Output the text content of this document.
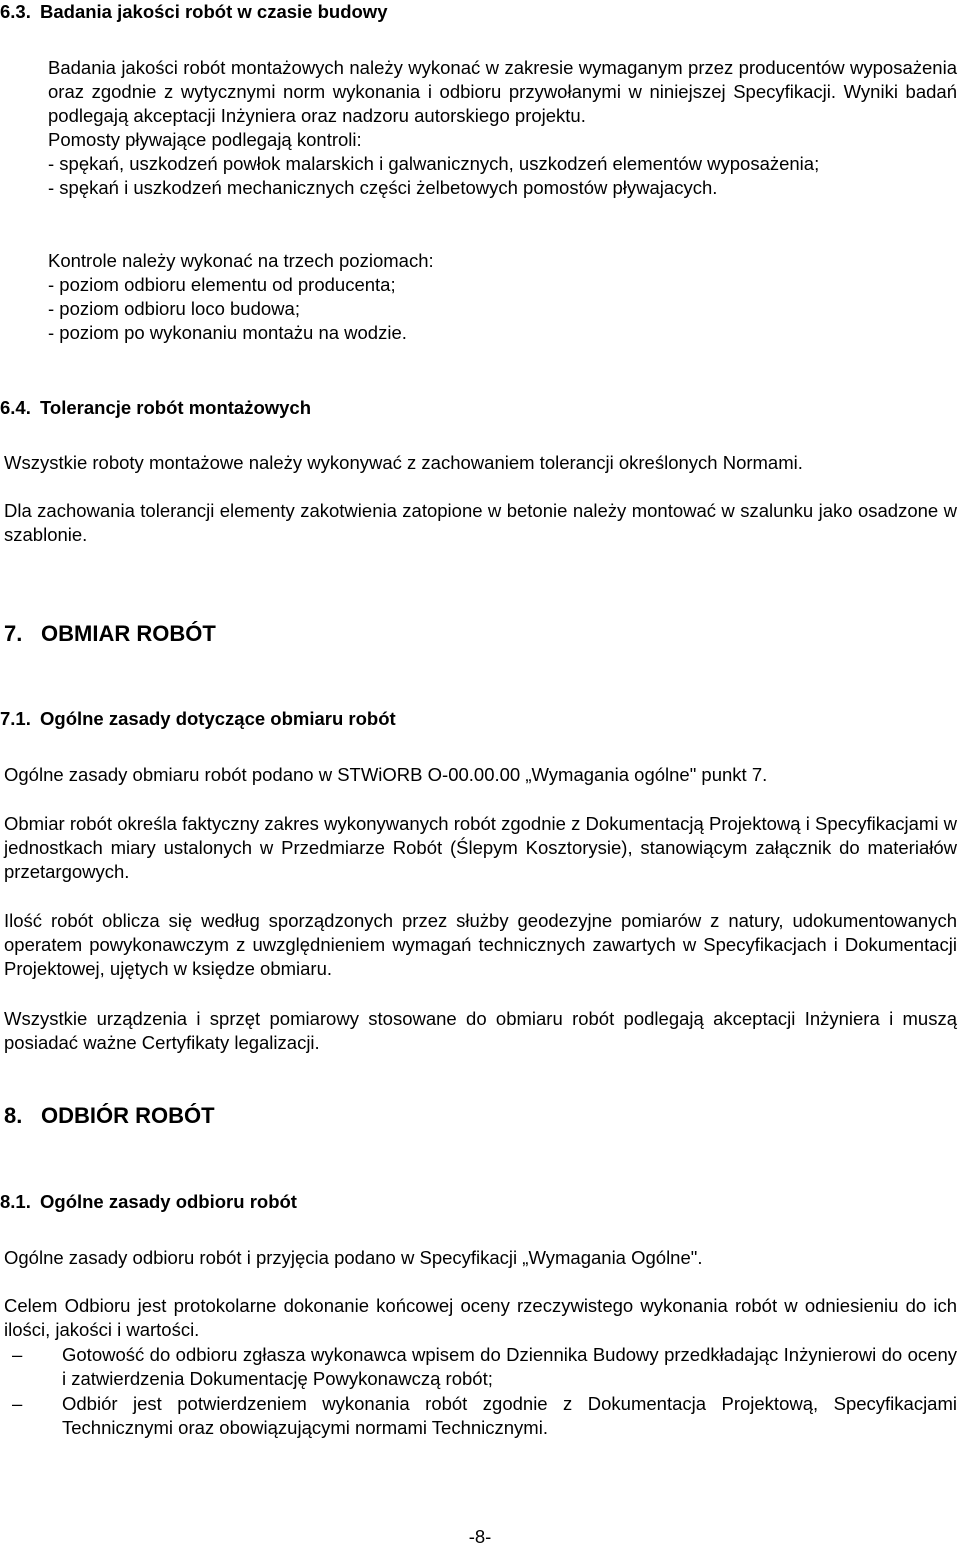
6.3. Badania jakości robót w czasie budowy
Badania jakości robót montażowych należy wykonać w zakresie wymaganym przez producentów wyposażenia oraz zgodnie z wytycznymi norm wykonania i odbioru przywołanymi w niniejszej Specyfikacji. Wyniki badań podlegają akceptacji Inżyniera oraz nadzoru autorskiego projektu.
Pomosty pływające podlegają kontroli:
- spękań, uszkodzeń powłok malarskich i galwanicznych, uszkodzeń elementów wyposażenia;
- spękań i uszkodzeń mechanicznych części żelbetowych pomostów pływajacych.
Kontrole należy wykonać na trzech poziomach:
- poziom odbioru elementu od producenta;
- poziom odbioru loco budowa;
- poziom po wykonaniu montażu na wodzie.
6.4. Tolerancje robót montażowych
Wszystkie roboty montażowe należy wykonywać z zachowaniem tolerancji określonych Normami.
Dla zachowania tolerancji elementy zakotwienia zatopione w betonie należy montować w szalunku jako osadzone w szablonie.
7. OBMIAR ROBÓT
7.1. Ogólne zasady dotyczące obmiaru robót
Ogólne zasady obmiaru robót podano w STWiORB O-00.00.00 „Wymagania ogólne" punkt 7.
Obmiar robót określa faktyczny zakres wykonywanych robót zgodnie z Dokumentacją Projektową i Specyfikacjami w jednostkach miary ustalonych w Przedmiarze Robót (Ślepym Kosztorysie), stanowiącym załącznik do materiałów przetargowych.
Ilość robót oblicza się według sporządzonych przez służby geodezyjne pomiarów z natury, udokumentowanych operatem powykonawczym z uwzględnieniem wymagań technicznych zawartych w Specyfikacjach i Dokumentacji Projektowej, ujętych w księdze obmiaru.
Wszystkie urządzenia i sprzęt pomiarowy stosowane do obmiaru robót podlegają akceptacji Inżyniera i muszą posiadać ważne Certyfikaty legalizacji.
8. ODBIÓR ROBÓT
8.1. Ogólne zasady odbioru robót
Ogólne zasady odbioru robót i przyjęcia podano w Specyfikacji „Wymagania Ogólne".
Celem Odbioru jest protokolarne dokonanie końcowej oceny rzeczywistego wykonania robót w odniesieniu do ich ilości, jakości i wartości.
–	Gotowość do odbioru zgłasza wykonawca wpisem do Dziennika Budowy przedkładając Inżynierowi do oceny i zatwierdzenia Dokumentację Powykonawczą robót;
–	Odbiór jest potwierdzeniem wykonania robót zgodnie z Dokumentacja Projektową, Specyfikacjami Technicznymi oraz obowiązującymi normami Technicznymi.
-8-
